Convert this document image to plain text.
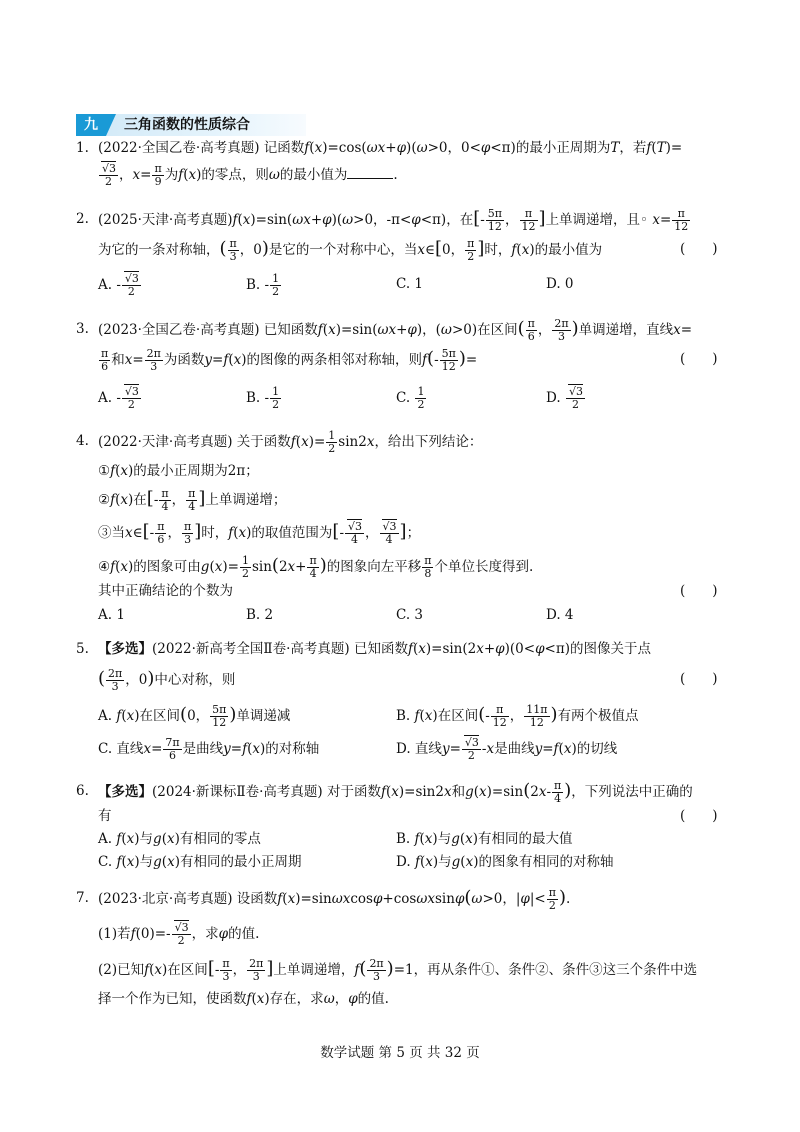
九	三角函数的性质综合
1. (2022·全国乙卷·高考真题) 记函数f(x)=cos(ωx+φ)(ω>0，0<φ<π)的最小正周期为T，若f(T)=
$\frac{√3}{2}$ ，$x= \frac{\pi}{9}$ 为f(x)的零点，则ω的最小值为	.
2. (2025·天津·高考真题)f(x)=sin(ωx+φ)(ω>0，-π<φ<π)，在[- $\frac{5\pi}{12}$ ， $\frac{\pi}{12}$ ]上单调递增，且◦ $x= \frac{\pi}{12}$
为它的一条对称轴，( $\frac{\pi}{3}$ ，0)是它的一个对称中心，当x∈[0， $\frac{\pi}{2}$ ]时，f(x)的最小值为	(　　)
A. - $\frac{√3}{2}$	B. - $\frac{1}{2}$	C. 1	D. 0
3. (2023·全国乙卷·高考真题) 已知函数f(x)=sin(ωx+φ)，(ω>0)在区间( $\frac{\pi}{6}$ ， $\frac{2\pi}{3}$ )单调递增，直线x=
$\frac{\pi}{6}$ 和$x= \frac{2\pi}{3}$ 为函数y=f(x)的图像的两条相邻对称轴，则$f(- \frac{5\pi}{12}$ )=	(　　)
A. - $\frac{√3}{2}$	B. - $\frac{1}{2}$	C. $\frac{1}{2}$	D. $\frac{√3}{2}$
4. (2022·天津·高考真题) 关于函数$f(x)= \frac{1}{2} \sin 2x$，给出下列结论：
①f(x)的最小正周期为2π；
②f(x)在[- $\frac{\pi}{4}$ ， $\frac{\pi}{4}$ ]上单调递增；
③当x∈[- $\frac{\pi}{6}$ ， $\frac{\pi}{3}$ ]时，f(x)的取值范围为[- $\frac{√3}{4}$ ， $\frac{√3}{4}$ ]；
④f(x)的图象可由$g(x)= \frac{1}{2} \sin(2x+ \frac{\pi}{4}$ )的图象向左平移 $\frac{\pi}{8}$ 个单位长度得到.
其中正确结论的个数为	(　　)
A. 1	B. 2	C. 3	D. 4
5. 【多选】(2022·新高考全国Ⅱ卷·高考真题) 已知函数f(x)=sin(2x+φ)(0<φ<π)的图像关于点
( $\frac{2\pi}{3}$ ，0)中心对称，则	(　　)
A. f(x)在区间(0， $\frac{5\pi}{12}$ )单调递减	B. f(x)在区间(- $\frac{\pi}{12}$ ， $\frac{11\pi}{12}$ )有两个极值点
C. 直线$x= \frac{7\pi}{6}$ 是曲线y=f(x)的对称轴	D. 直线$y= \frac{√3}{2} -x$是曲线y=f(x)的切线
6. 【多选】(2024·新课标Ⅱ卷·高考真题) 对于函数f(x)=sin2x和$g(x)=\sin(2x- \frac{\pi}{4}$ )，下列说法中正确的
有	(　　)
A. f(x)与g(x)有相同的零点	B. f(x)与g(x)有相同的最大值
C. f(x)与g(x)有相同的最小正周期	D. f(x)与g(x)的图象有相同的对称轴
7. (2023·北京·高考真题) 设函数f(x)=sinωxcosφ+cosωxsinφ(ω>0，$|\varphi|< \frac{\pi}{2}$ ).
(1)若$f(0)=- \frac{√3}{2}$ ，求φ的值.
(2)已知f(x)在区间[- $\frac{\pi}{3}$ ， $\frac{2\pi}{3}$ ]上单调递增，$f( \frac{2\pi}{3} )=1$，再从条件①、条件②、条件③这三个条件中选
择一个作为已知，使函数f(x)存在，求ω，φ的值.
数学试题 第 5 页 共 32 页
